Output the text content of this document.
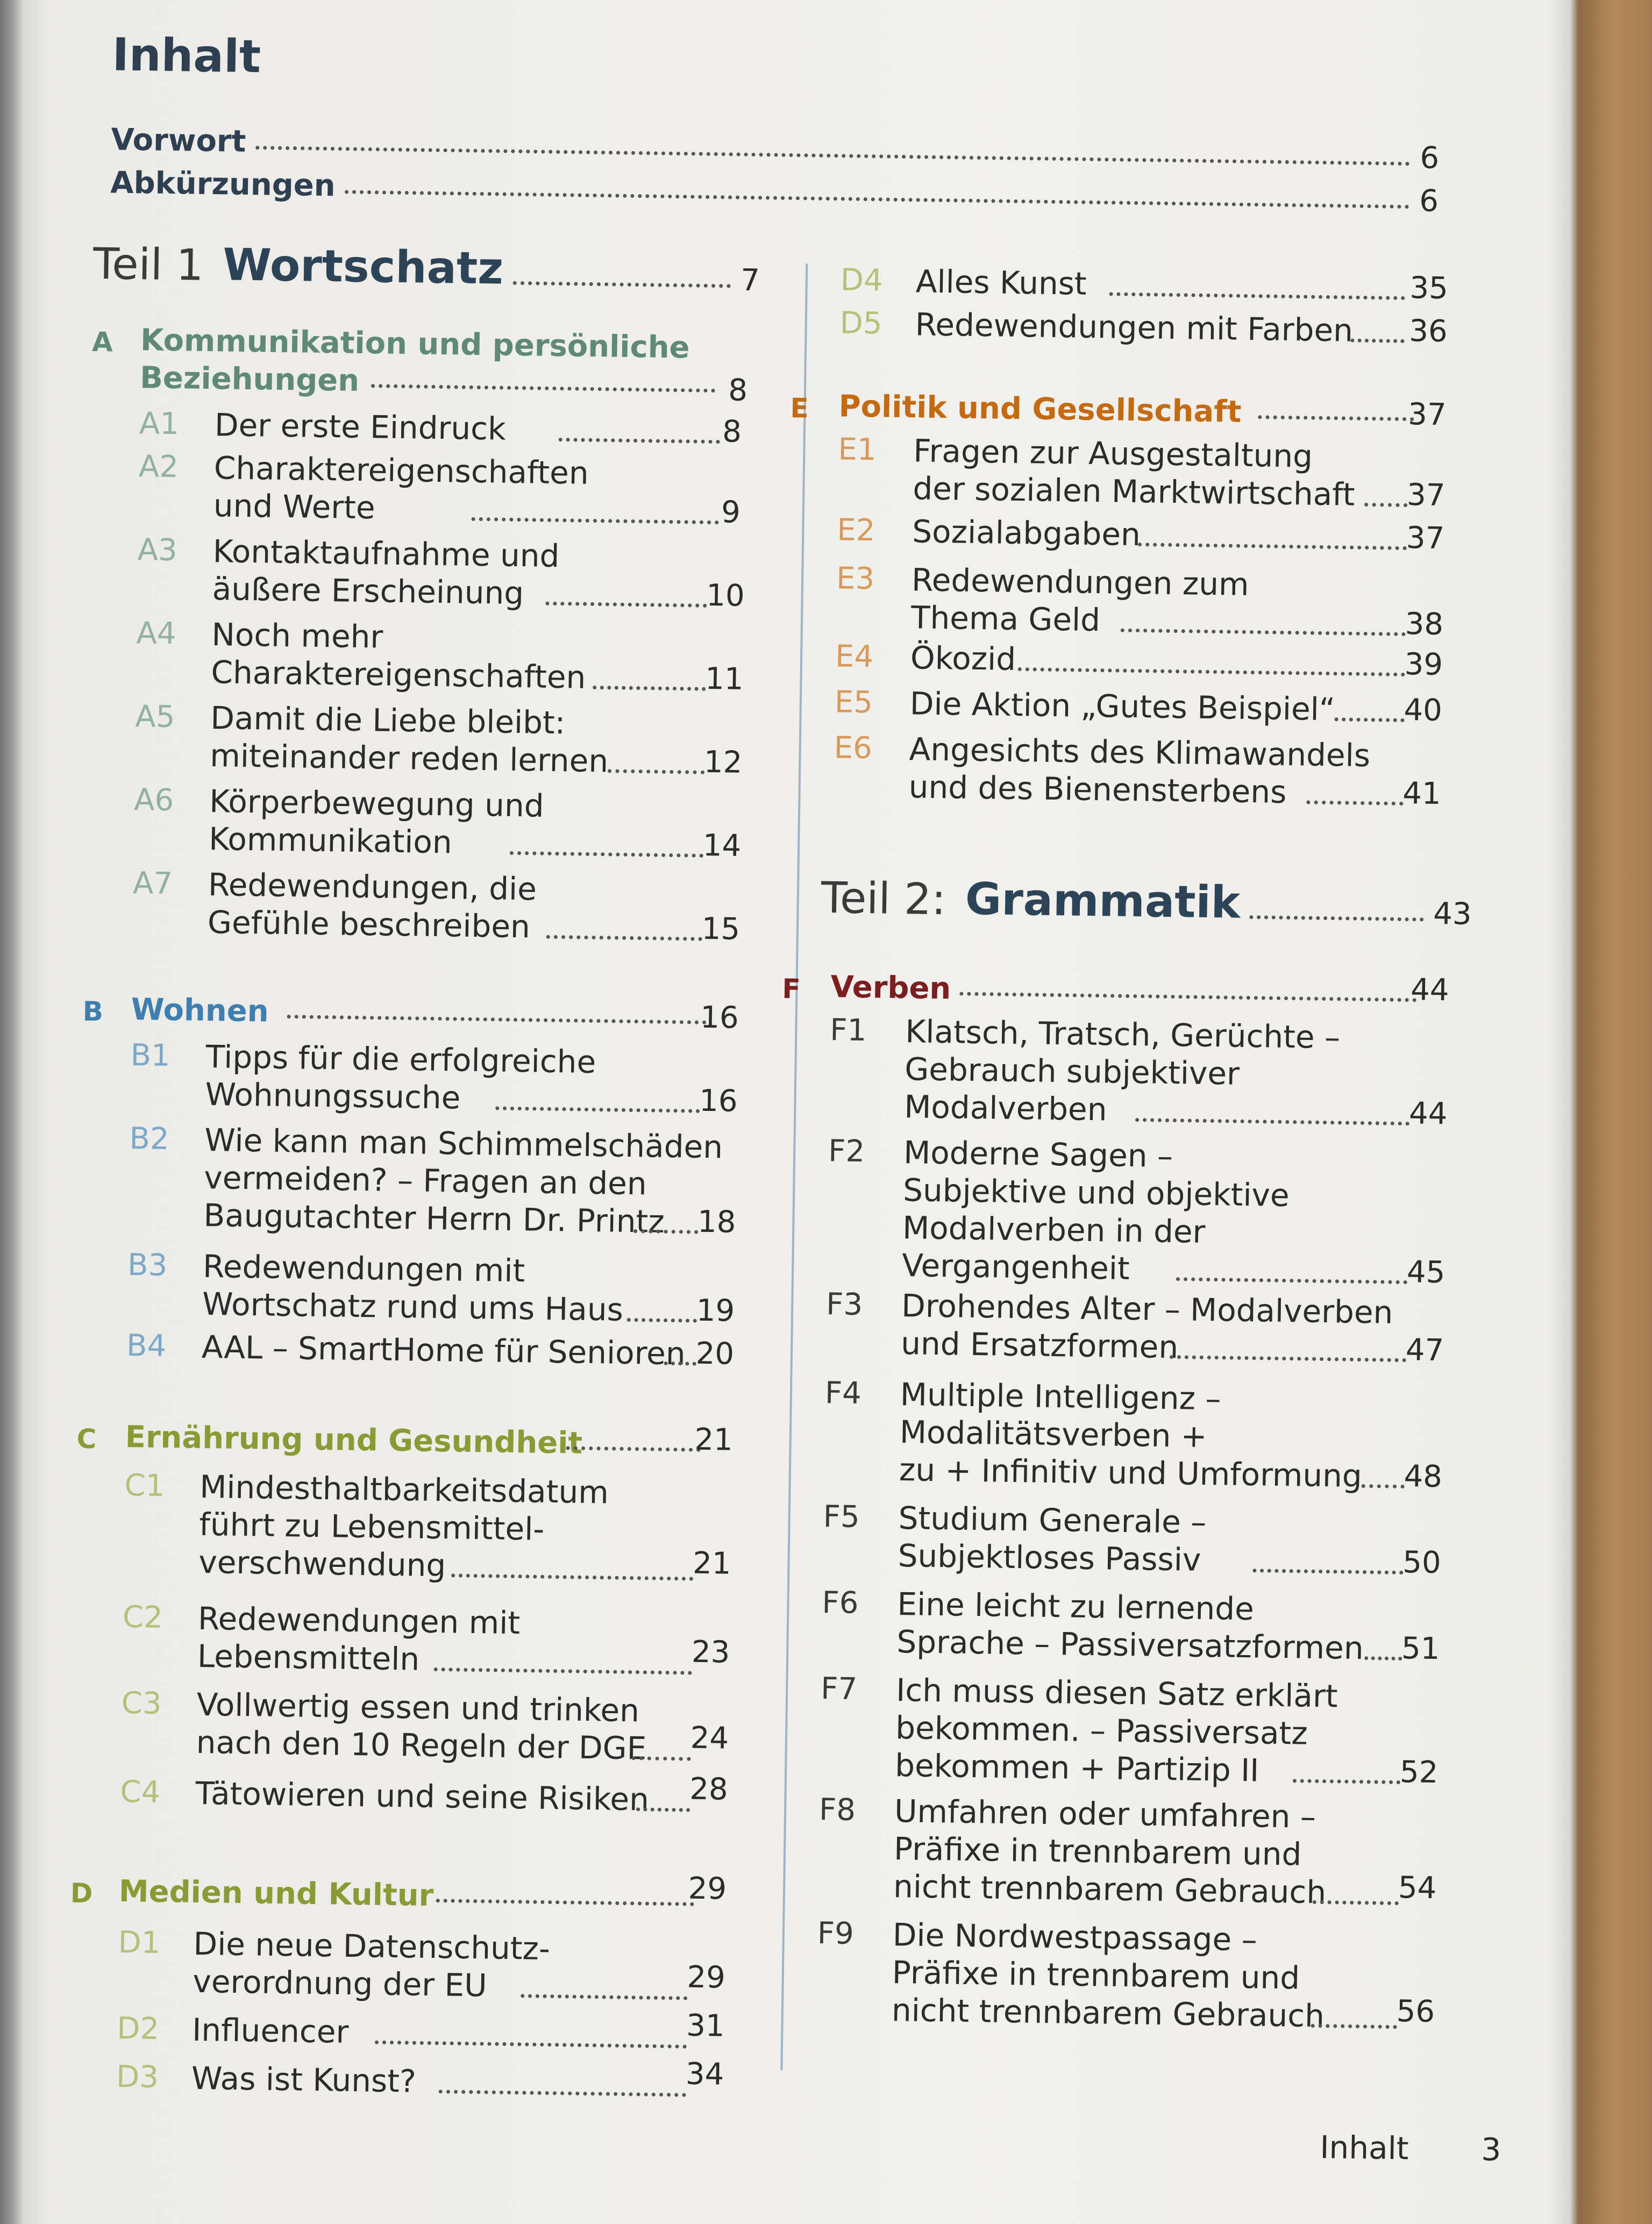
Inhalt
Vorwort	6
Abkürzungen	6
Teil 1 Wortschatz	7
A Kommunikation und persönliche
Beziehungen	8
A1 Der erste Eindruck	8
A2 Charaktereigenschaften
und Werte	9
A3 Kontaktaufnahme und
äußere Erscheinung	10
A4 Noch mehr
Charaktereigenschaften	11
A5 Damit die Liebe bleibt:
miteinander reden lernen	12
A6 Körperbewegung und
Kommunikation	14
A7 Redewendungen, die
Gefühle beschreiben	15
B Wohnen	16
B1 Tipps für die erfolgreiche
Wohnungssuche	16
B2 Wie kann man Schimmelschäden
vermeiden? – Fragen an den
Baugutachter Herrn Dr. Printz	18
B3 Redewendungen mit
Wortschatz rund ums Haus 19
B4 AAL – SmartHome für Senioren 20
C Ernährung und Gesundheit	21
C1 Mindesthaltbarkeitsdatum
führt zu Lebensmittel-
verschwendung	21
C2 Redewendungen mit
Lebensmitteln	23
C3 Vollwertig essen und trinken
nach den 10 Regeln der DGE 24
C4 Tätowieren und seine Risiken 28
D Medien und Kultur	29
D1 Die neue Datenschutz-
verordnung der EU	29
D2 Influencer	31
D3 Was ist Kunst?	34
D4 Alles Kunst	35
D5 Redewendungen mit Farben 36
E Politik und Gesellschaft	37
E1 Fragen zur Ausgestaltung
der sozialen Marktwirtschaft 37
E2 Sozialabgaben	37
E3 Redewendungen zum
Thema Geld	38
E4 Ökozid	39
E5 Die Aktion „Gutes Beispiel“ 40
E6 Angesichts des Klimawandels
und des Bienensterbens	41
Teil 2: Grammatik	43
F Verben	44
F1 Klatsch, Tratsch, Gerüchte –
Gebrauch subjektiver
Modalverben	44
F2 Moderne Sagen –
Subjektive und objektive
Modalverben in der
Vergangenheit	45
F3 Drohendes Alter – Modalverben
und Ersatzformen	47
F4 Multiple Intelligenz –
Modalitätsverben +
zu + Infinitiv und Umformung 48
F5 Studium Generale –
Subjektloses Passiv	50
F6 Eine leicht zu lernende
Sprache – Passiversatzformen 51
F7 Ich muss diesen Satz erklärt
bekommen. – Passiversatz
bekommen + Partizip II	52
F8 Umfahren oder umfahren –
Präfixe in trennbarem und
nicht trennbarem Gebrauch 54
F9 Die Nordwestpassage –
Präfixe in trennbarem und
nicht trennbarem Gebrauch 56
Inhalt 3
